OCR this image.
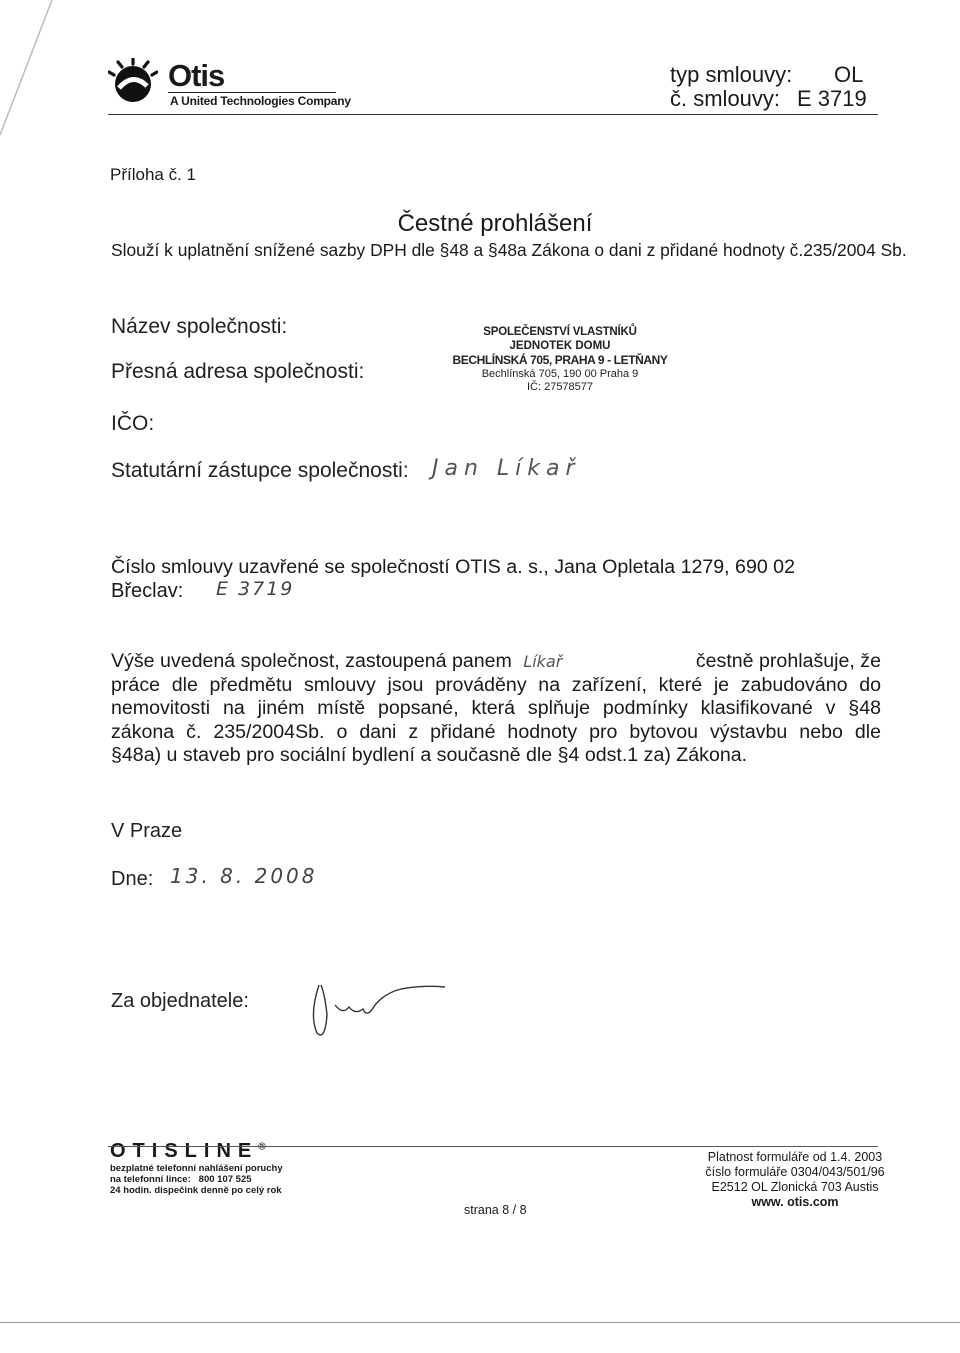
Otis
A United Technologies Company
typ smlouvy: OL
č. smlouvy: E 3719
Příloha č. 1
Čestné prohlášení
Slouží k uplatnění snížené sazby DPH dle §48 a §48a Zákona o dani z přidané hodnoty č.235/2004 Sb.
Název společnosti:
Přesná adresa společnosti:
IČO:
Statutární zástupce společnosti: Jan Líkař
SPOLEČENSTVÍ VLASTNÍKŮ
JEDNOTEK DOMU
BECHLÍNSKÁ 705, PRAHA 9 - LETŇANY
Bechlínská 705, 190 00 Praha 9
IČ: 27578577
Číslo smlouvy uzavřené se společností OTIS a. s., Jana Opletala 1279, 690 02
Břeclav: E 3719
Výše uvedená společnost, zastoupená panem Líkař	čestně prohlašuje, že
práce dle předmětu smlouvy jsou prováděny na zařízení, které je zabudováno do
nemovitosti na jiném místě popsané, která splňuje podmínky klasifikované v §48
zákona č. 235/2004Sb. o dani z přidané hodnoty pro bytovou výstavbu nebo dle
§48a) u staveb pro sociální bydlení a současně dle §4 odst.1 za) Zákona.
V Praze
Dne: 13. 8. 2008
Za objednatele:
OTISLINE®
bezplatné telefonní nahlášení poruchy
na telefonní lince:   800 107 525
24 hodin. dispečink denně po celý rok
strana 8 / 8
Platnost formuláře od 1.4. 2003
číslo formuláře 0304/043/501/96
E2512 OL Zlonická 703 Austis
www. otis.com
